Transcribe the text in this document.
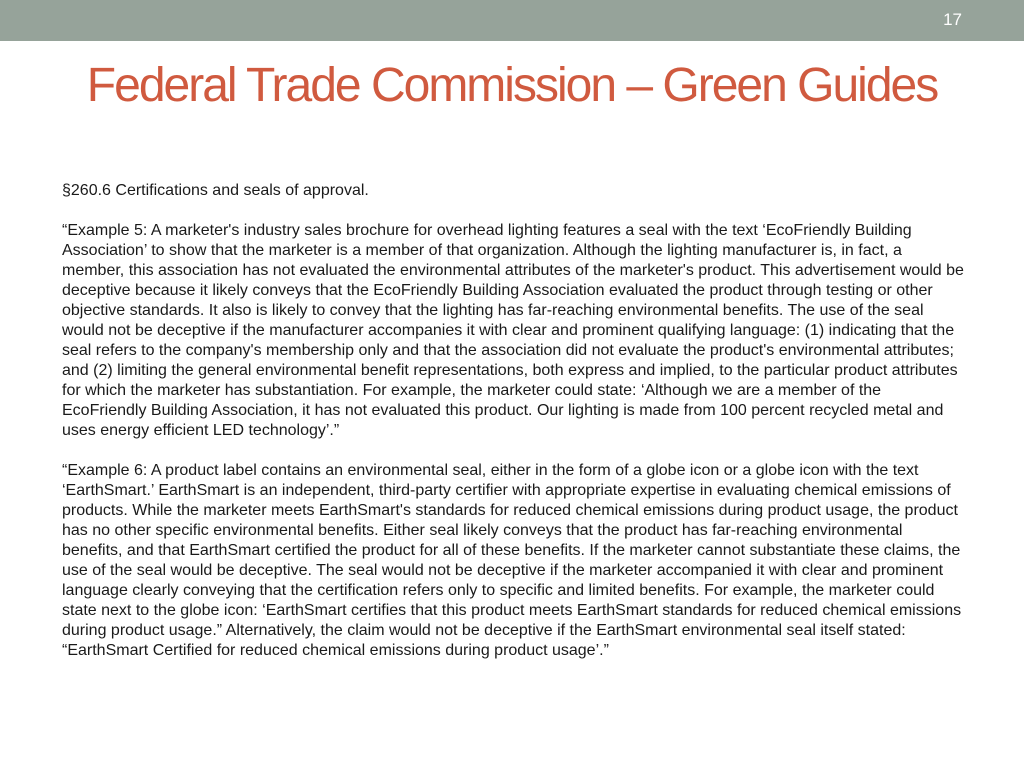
17
Federal Trade Commission – Green Guides

§260.6 Certifications and seals of approval.

“Example 5: A marketer's industry sales brochure for overhead lighting features a seal with the text ‘EcoFriendly Building Association’ to show that the marketer is a member of that organization. Although the lighting manufacturer is, in fact, a member, this association has not evaluated the environmental attributes of the marketer's product. This advertisement would be deceptive because it likely conveys that the EcoFriendly Building Association evaluated the product through testing or other objective standards. It also is likely to convey that the lighting has far-reaching environmental benefits. The use of the seal would not be deceptive if the manufacturer accompanies it with clear and prominent qualifying language: (1) indicating that the seal refers to the company's membership only and that the association did not evaluate the product's environmental attributes; and (2) limiting the general environmental benefit representations, both express and implied, to the particular product attributes for which the marketer has substantiation. For example, the marketer could state: ‘Although we are a member of the EcoFriendly Building Association, it has not evaluated this product. Our lighting is made from 100 percent recycled metal and uses energy efficient LED technology’.”

“Example 6: A product label contains an environmental seal, either in the form of a globe icon or a globe icon with the text ‘EarthSmart.’ EarthSmart is an independent, third-party certifier with appropriate expertise in evaluating chemical emissions of products. While the marketer meets EarthSmart's standards for reduced chemical emissions during product usage, the product has no other specific environmental benefits. Either seal likely conveys that the product has far-reaching environmental benefits, and that EarthSmart certified the product for all of these benefits. If the marketer cannot substantiate these claims, the use of the seal would be deceptive. The seal would not be deceptive if the marketer accompanied it with clear and prominent language clearly conveying that the certification refers only to specific and limited benefits. For example, the marketer could state next to the globe icon: ‘EarthSmart certifies that this product meets EarthSmart standards for reduced chemical emissions during product usage.” Alternatively, the claim would not be deceptive if the EarthSmart environmental seal itself stated: “EarthSmart Certified for reduced chemical emissions during product usage’.”
